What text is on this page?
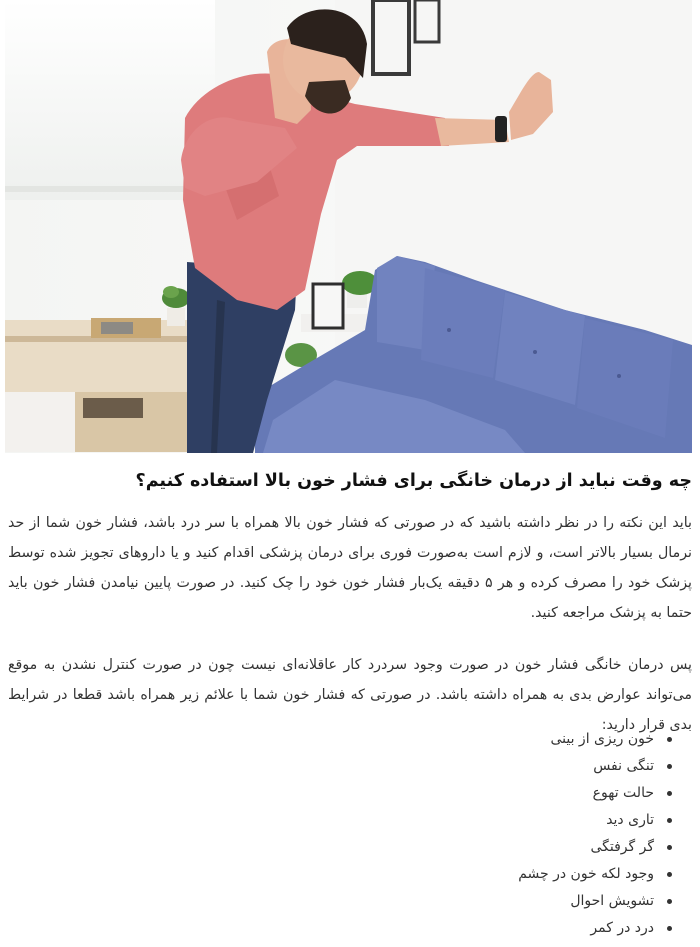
چه وقت نباید از درمان خانگی برای فشار خون بالا استفاده کنیم؟

باید این نکته را در نظر داشته باشید که در صورتی که فشار خون بالا همراه با سر درد باشد، فشار خون شما از حد نرمال بسیار بالاتر است، و لازم است به‌صورت فوری برای درمان پزشکی اقدام کنید و یا داروهای تجویز شده توسط پزشک خود را مصرف کرده و هر ۵ دقیقه یک‌بار فشار خون خود را چک کنید. در صورت پایین نیامدن فشار خون باید حتما به پزشک مراجعه کنید.

پس درمان خانگی فشار خون در صورت وجود سردرد کار عاقلانه‌ای نیست چون در صورت کنترل نشدن به موقع می‌تواند عوارض بدی به همراه داشته باشد. در صورتی که فشار خون شما با علائم زیر همراه باشد قطعا در شرایط بدی قرار دارید:

خون ریزی از بینی
تنگی نفس
حالت تهوع
تاری دید
گر گرفتگی
وجود لکه خون در چشم
تشویش احوال
درد در کمر
